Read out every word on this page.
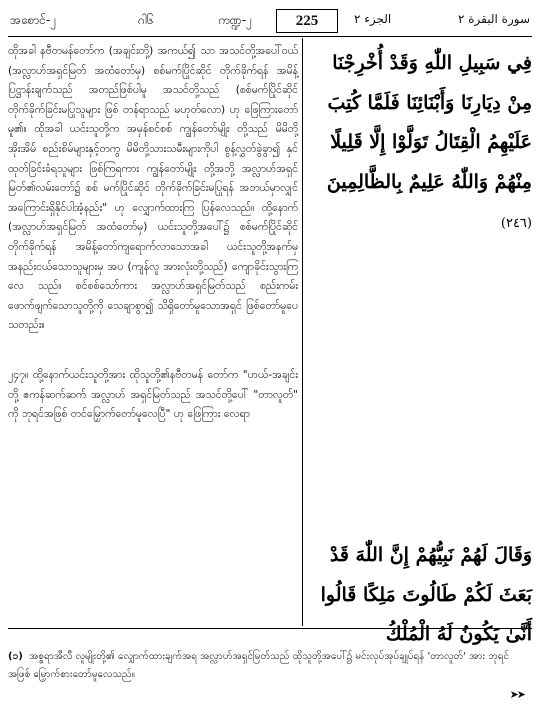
အစောင်-၂	ဂါ၆	ကဏ္ဍ-၂	225	الجزء ٢	سورة البقرة ٢

ထိုအခါ နဗီတမန်တော်က (အချင်းတို့) အကယ်၍ သာ အသင်တို့အပေါ်ဝယ် (အလ္လာဟ်အရှင်မြတ် အထံတော်မှ) စစ်မက်ပြိုင်ဆိုင် တိုက်ခိုက်ရန် အမိန့် ပြဋ္ဌာန်းချက်သည် အတည်ဖြစ်ပါမူ အသင်တို့သည် (စစ်မက်ပြိုင်ဆိုင် တိုက်ခိုက်ခြင်းမပြုသူများ ဖြစ် တန်ရာသည် မဟုတ်လော) ဟု ဖြေကြားတော်မူ၏။ ထိုအခါ ယင်းသူတို့က အမှန်စင်စစ် ကျွန်တော်မျိုး တို့သည် မိမိတို့အိုးအိမ် စည်းစိမ်များနှင့်တကွ မိမိတို့သားသမီးများကိုပါ စွန့်လွှတ်ခွဲခွာ၍ နှင် ထုတ်ခြင်းခံရသူများ ဖြစ်ကြရကား ကျွန်တော်မျိုး တို့အဘို့ အလ္လာဟ်အရှင်မြတ်၏လမ်းတော်၌ စစ် မက်ပြိုင်ဆိုင် တိုက်ခိုက်ခြင်းမပြုရန် အဘယ်မှာလျှင် အကြောင်းရှိနိုင်ပါအံ့နည်း" ဟု လျှောက်ထားကြ ပြန်လေသည်။ ထို့နောက် (အလ္လာဟ်အရှင်မြတ် အထံတော်မှ) ယင်းသူတို့အပေါ်၌ စစ်မက်ပြိုင်ဆိုင် တိုက်ခိုက်ရန် အမိန့်တော်ကျရောက်လာသောအခါ ယင်းသူတို့အနက်မှ အနည်းငယ်သောသူများမှ အပ (ကျန်လူ အားလုံးတို့သည်) ကျောခိုင်းသွားကြလေ သည်။ စင်စစ်သော်ကား အလ္လာဟ်အရှင်မြတ်သည် စည်းကမ်းဖောက်ဖျက်သောသူတို့ကို သေချာစွာ၍ သိရှိတော်မူသောအရှင် ဖြစ်တော်မူပေသတည်း။

၂၄၇။ ထို့နောက်ယင်းသူတို့အား ထိုသူတို့၏နဗီတမန် တော်က "ဟယ်-အချင်းတို့ ဧကန်ဆက်ဆက် အလ္လာဟ် အရှင်မြတ်သည် အသင်တို့ပေါ် "တာလူတ်" ကို ဘုရင်အဖြစ် တင်မြှောက်တော်မူလေပြီ" ဟု ဖြေကြား လေရာ

فِي سَبِيلِ اللّٰهِ وَقَدْ أُخْرِجْنَا مِنْ دِيَارِنَا وَأَبْنَائِنَا فَلَمَّا كُتِبَ عَلَيْهِمُ الْقِتَالُ تَوَلَّوْا إِلَّا قَلِيلًا مِنْهُمْ وَاللّٰهُ عَلِيمٌ بِالظَّالِمِينَ (٢٤٦)
وَقَالَ لَهُمْ نَبِيُّهُمْ إِنَّ اللّٰهَ قَدْ بَعَثَ لَكُمْ طَالُوتَ مَلِكًا قَالُوا أَنَّىٰ يَكُونُ لَهُ الْمُلْكُ
(၁) အစ္စရာအီလီ လူမျိုးတို့၏ လျှောက်ထားချက်အရ အလ္လာဟ်အရှင်မြတ်သည် ထိုသူတို့အပေါ်၌ မင်းလုပ်အုပ်ချုပ်ရန် 'တာလူတ်' အား ဘုရင်အဖြစ် မြှောက်စားတော်မူလေသည်။
➤➤
